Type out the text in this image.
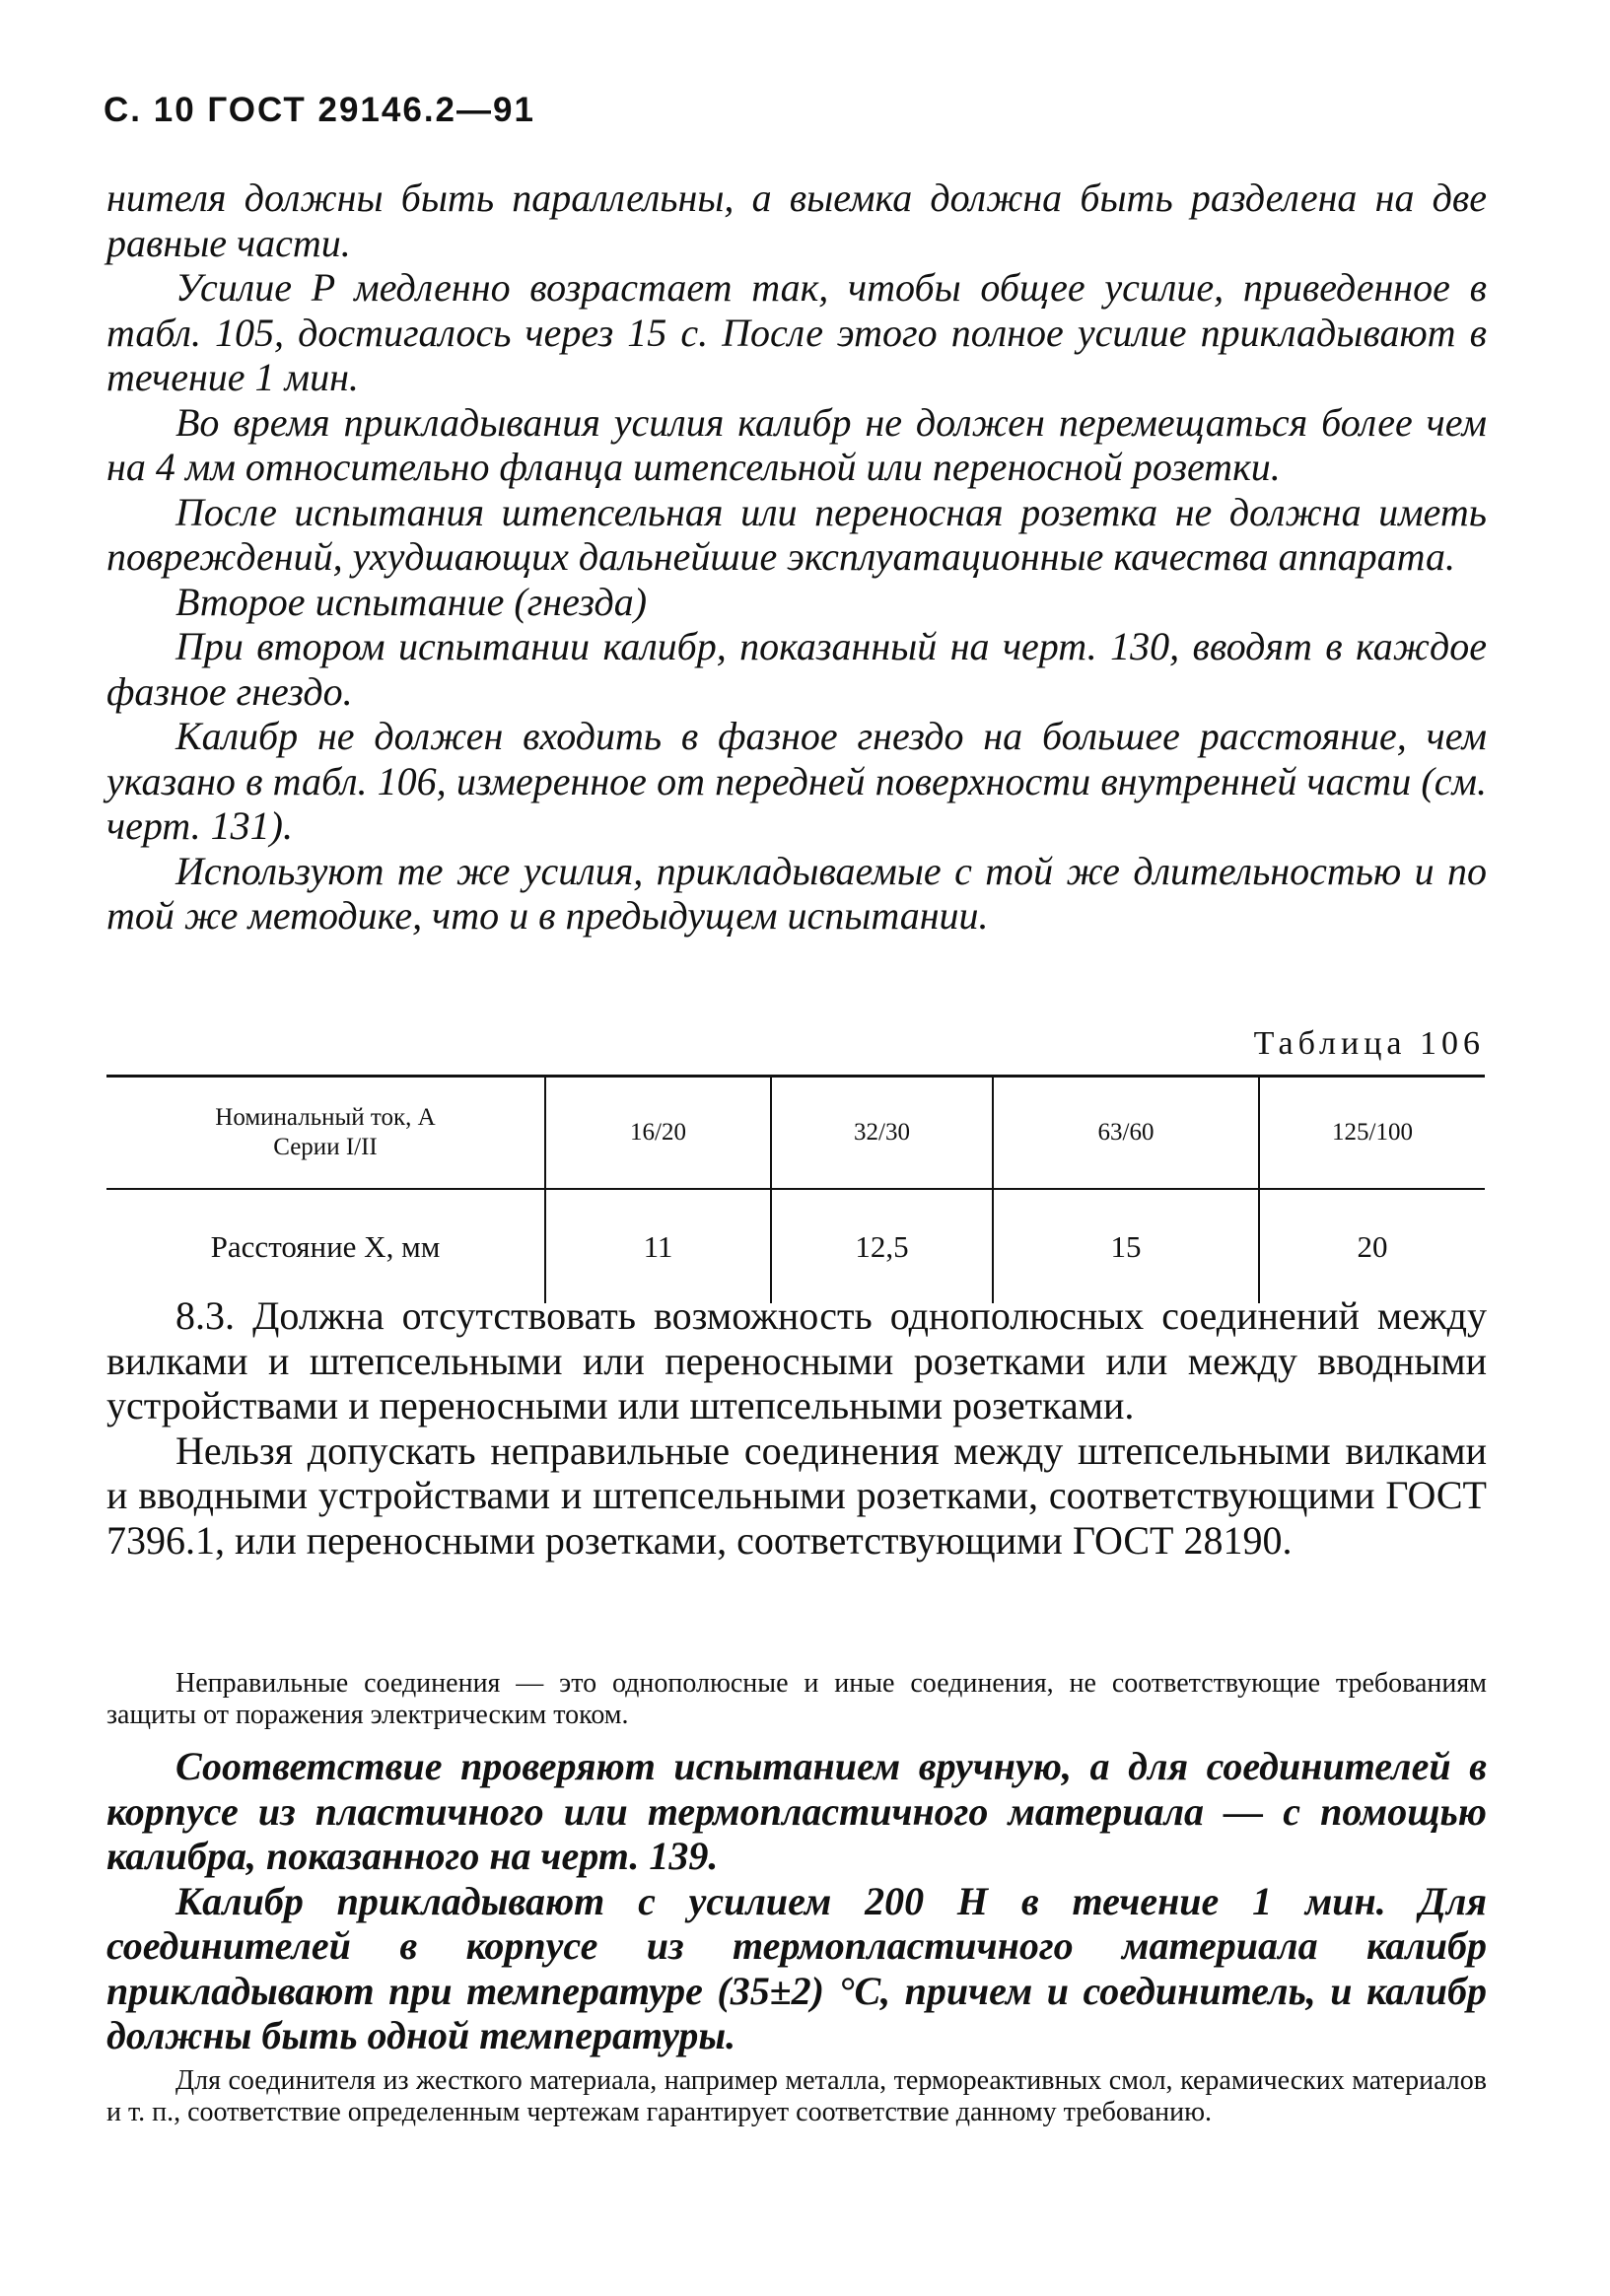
С. 10 ГОСТ 29146.2—91

нителя должны быть параллельны, а выемка должна быть разделена на две равные части.

Усилие P медленно возрастает так, чтобы общее усилие, приведенное в табл. 105, достигалось через 15 с. После этого полное усилие прикладывают в течение 1 мин.

Во время прикладывания усилия калибр не должен перемещаться более чем на 4 мм относительно фланца штепсельной или переносной розетки.

После испытания штепсельная или переносная розетка не должна иметь повреждений, ухудшающих дальнейшие эксплуатационные качества аппарата.

Второе испытание (гнезда)

При втором испытании калибр, показанный на черт. 130, вводят в каждое фазное гнездо.

Калибр не должен входить в фазное гнездо на большее расстояние, чем указано в табл. 106, измеренное от передней поверхности внутренней части (см. черт. 131).

Используют те же усилия, прикладываемые с той же длительностью и по той же методике, что и в предыдущем испытании.

Таблица 106
Номинальный ток, А
Серии I/II	16/20	32/30	63/60	125/100
Расстояние X, мм	11	12,5	15	20

8.3. Должна отсутствовать возможность однополюсных соединений между вилками и штепсельными или переносными розетками или между вводными устройствами и переносными или штепсельными розетками.

Нельзя допускать неправильные соединения между штепсельными вилками и вводными устройствами и штепсельными розетками, соответствующими ГОСТ 7396.1, или переносными розетками, соответствующими ГОСТ 28190.

Неправильные соединения — это однополюсные и иные соединения, не соответствующие требованиям защиты от поражения электрическим током.

Соответствие проверяют испытанием вручную, а для соединителей в корпусе из пластичного или термопластичного материала — с помощью калибра, показанного на черт. 139.

Калибр прикладывают с усилием 200 Н в течение 1 мин. Для соединителей в корпусе из термопластичного материала калибр прикладывают при температуре (35±2) °С, причем и соединитель, и калибр должны быть одной температуры.

Для соединителя из жесткого материала, например металла, термореактивных смол, керамических материалов и т. п., соответствие определенным чертежам гарантирует соответствие данному требованию.
